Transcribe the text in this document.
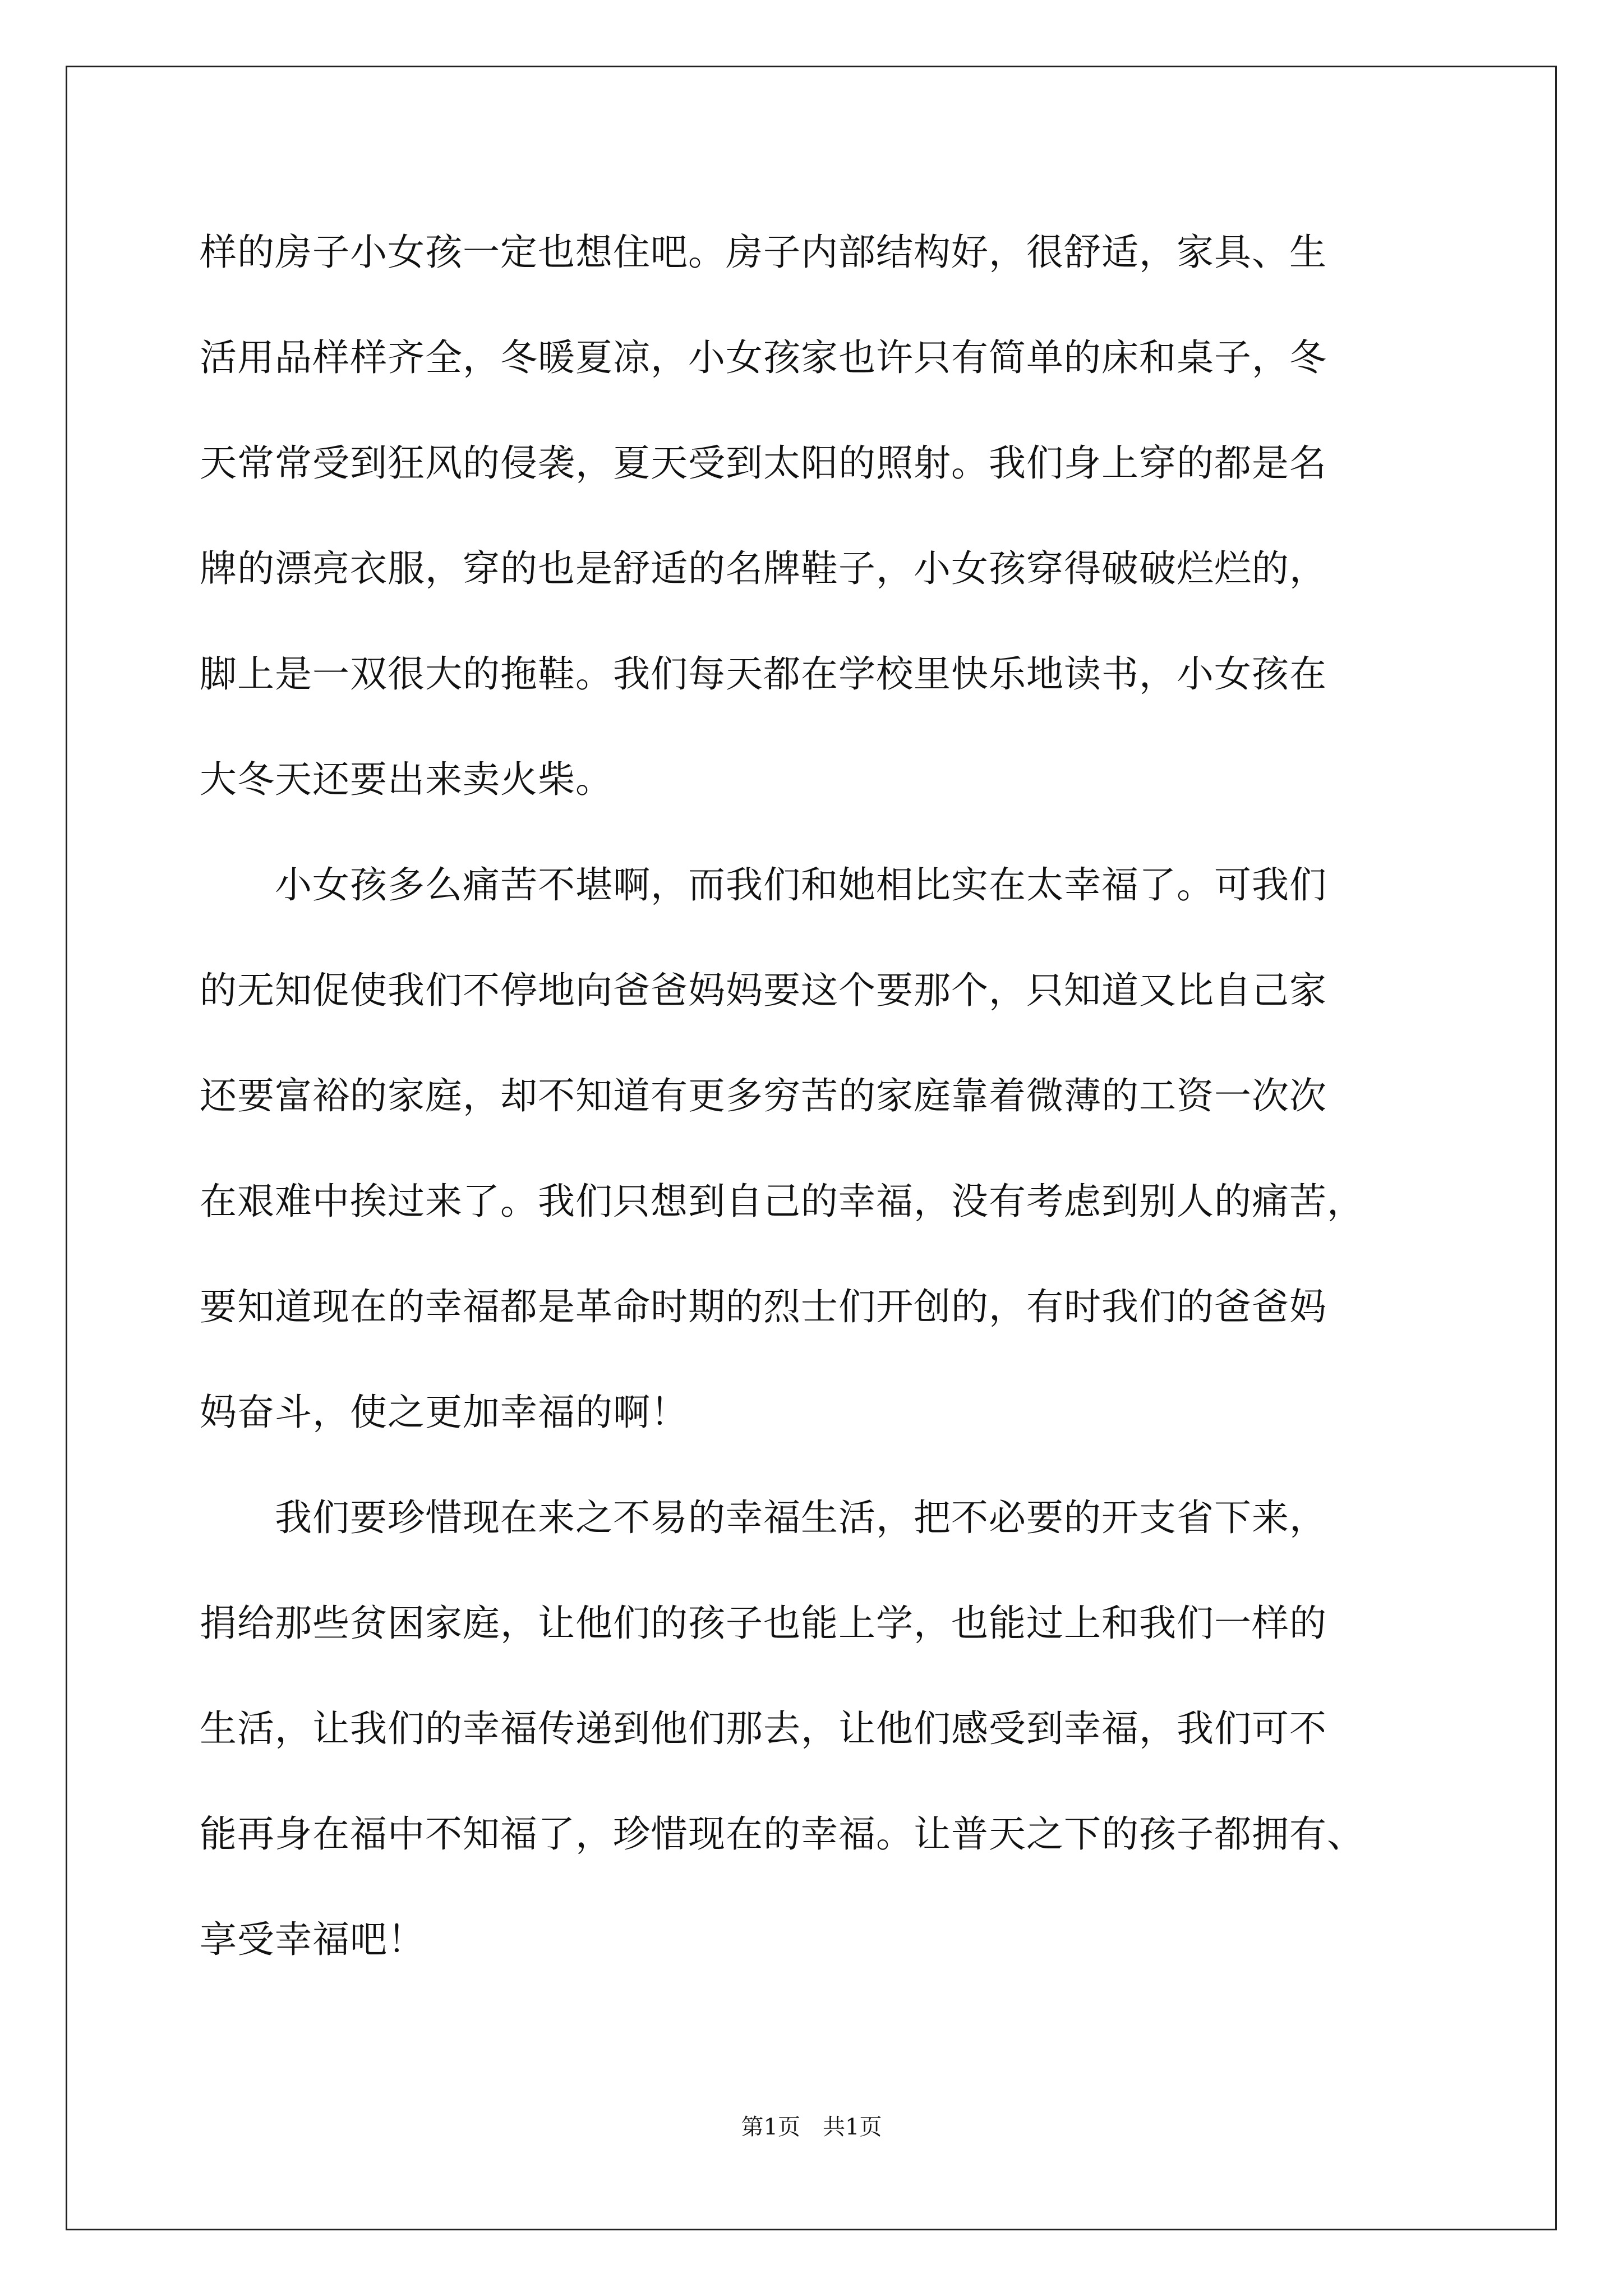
样的房子小女孩一定也想住吧。房子内部结构好，很舒适，家具、生
活用品样样齐全，冬暖夏凉，小女孩家也许只有简单的床和桌子，冬
天常常受到狂风的侵袭，夏天受到太阳的照射。我们身上穿的都是名
牌的漂亮衣服，穿的也是舒适的名牌鞋子，小女孩穿得破破烂烂的，
脚上是一双很大的拖鞋。我们每天都在学校里快乐地读书，小女孩在
大冬天还要出来卖火柴。
　　小女孩多么痛苦不堪啊，而我们和她相比实在太幸福了。可我们
的无知促使我们不停地向爸爸妈妈要这个要那个，只知道又比自己家
还要富裕的家庭，却不知道有更多穷苦的家庭靠着微薄的工资一次次
在艰难中挨过来了。我们只想到自己的幸福，没有考虑到别人的痛苦，
要知道现在的幸福都是革命时期的烈士们开创的，有时我们的爸爸妈
妈奋斗，使之更加幸福的啊！
　　我们要珍惜现在来之不易的幸福生活，把不必要的开支省下来，
捐给那些贫困家庭，让他们的孩子也能上学，也能过上和我们一样的
生活，让我们的幸福传递到他们那去，让他们感受到幸福，我们可不
能再身在福中不知福了，珍惜现在的幸福。让普天之下的孩子都拥有、
享受幸福吧！
第1页　共1页
